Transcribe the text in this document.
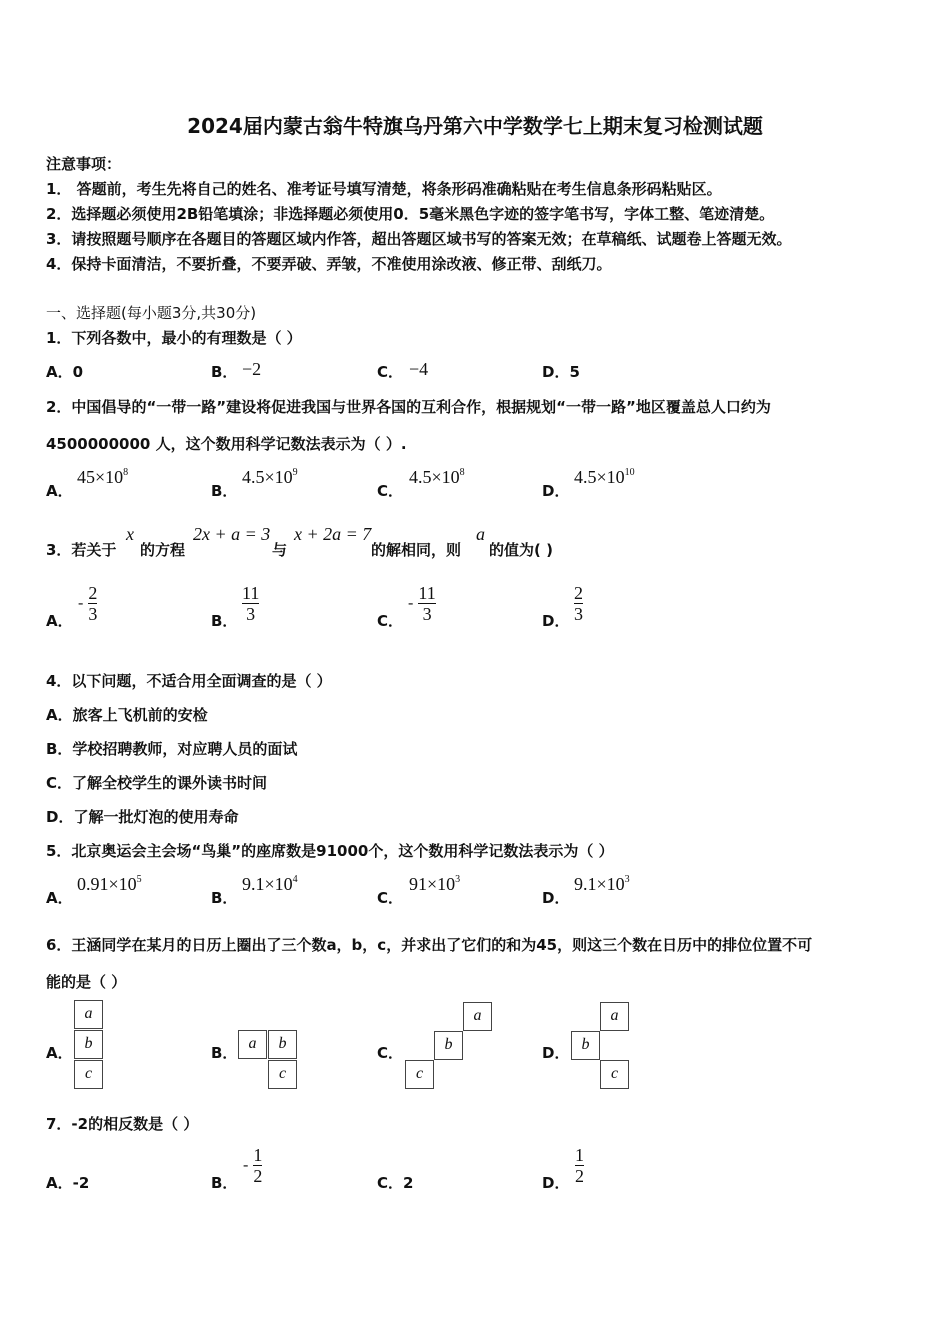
2024届内蒙古翁牛特旗乌丹第六中学数学七上期末复习检测试题
注意事项：
1． 答题前，考生先将自己的姓名、准考证号填写清楚，将条形码准确粘贴在考生信息条形码粘贴区。
2．选择题必须使用2B铅笔填涂；非选择题必须使用0．5毫米黑色字迹的签字笔书写，字体工整、笔迹清楚。
3．请按照题号顺序在各题目的答题区域内作答，超出答题区域书写的答案无效；在草稿纸、试题卷上答题无效。
4．保持卡面清洁，不要折叠，不要弄破、弄皱，不准使用涂改液、修正带、刮纸刀。
一、选择题(每小题3分,共30分)
1．下列各数中，最小的有理数是（ ）
A．0	B． −2	C． −4	D．5
2．中国倡导的“一带一路”建设将促进我国与世界各国的互利合作，根据规划“一带一路”地区覆盖总人口约为
4500000000 人，这个数用科学记数法表示为（ ）.
A．
$45\times 10^8$
B．
$4.5\times 10^9$
C．
$4.5\times 10^8$
D．
$4.5\times 10^{10}$
3．若关于
x
的方程
2x + a = 3
与
x + 2a = 7
的解相同，则
a
的值为( )
A．
- $\frac{2}{3}$	B． $\frac{11}{3}$	C．
- $\frac{11}{3}$	D． $\frac{2}{3}$
4．以下问题，不适合用全面调查的是（ ）
A．旅客上飞机前的安检
B．学校招聘教师，对应聘人员的面试
C．了解全校学生的课外读书时间
D．了解一批灯泡的使用寿命
5．北京奥运会主会场“鸟巢”的座席数是91000个，这个数用科学记数法表示为（ ）
A．
$0.91\times 10^5$
B．
$9.1\times 10^4$
C．
$91\times 10^3$
D．
$9.1\times 10^3$
6．王涵同学在某月的日历上圈出了三个数a，b，c，并求出了它们的和为45，则这三个数在日历中的排位位置不可
能的是（ ）
A．
a
b
c
B．
a	b
c
C．
a
b
c
D．
a
b
c
7．-2的相反数是（ ）
A．-2	B．
- $\frac{1}{2}$	C．2	D． $\frac{1}{2}$
